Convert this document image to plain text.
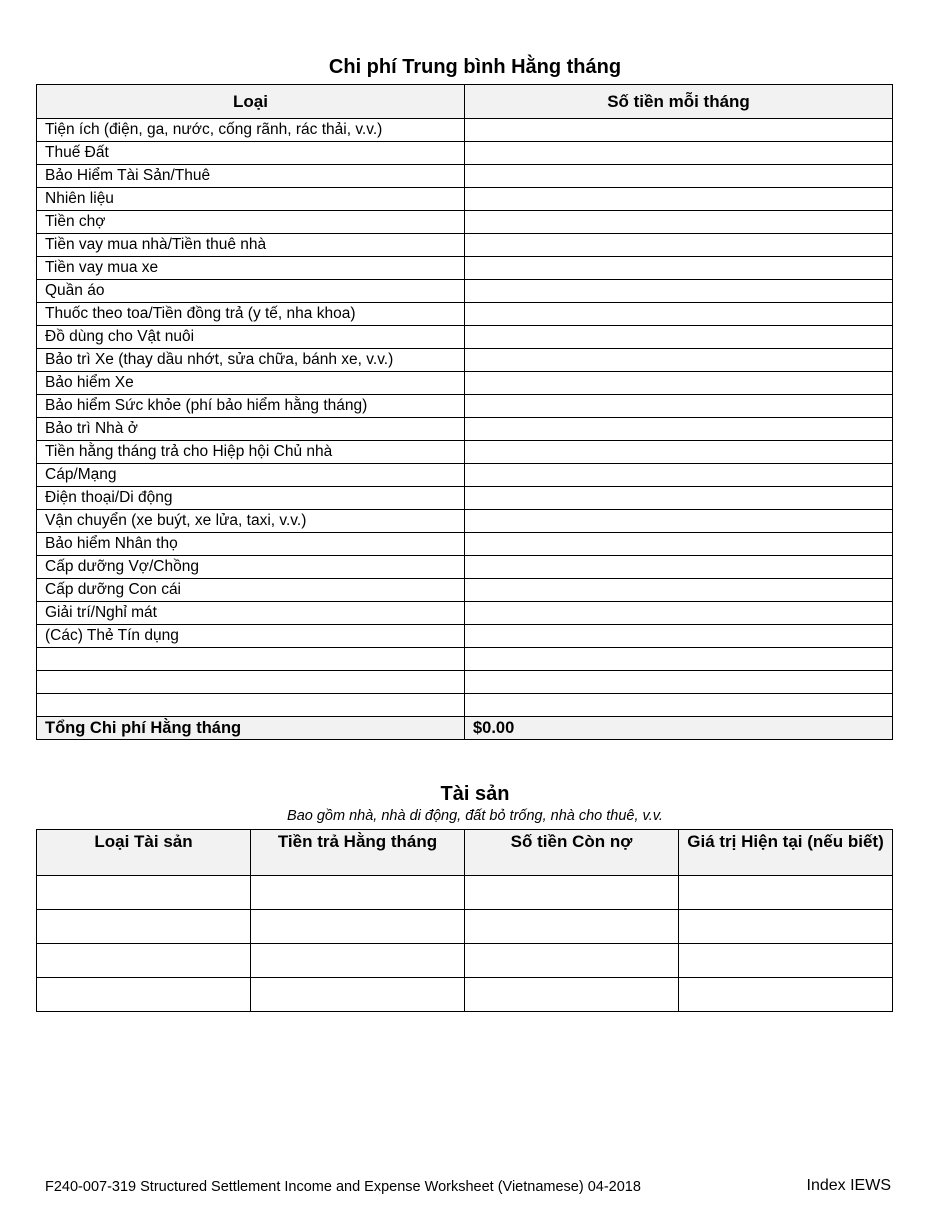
Chi phí Trung bình Hằng tháng
Loại	Số tiền mỗi tháng
Tiện ích (điện, ga, nước, cống rãnh, rác thải, v.v.)	
Thuế Đất	
Bảo Hiểm Tài Sản/Thuê	
Nhiên liệu	
Tiền chợ	
Tiền vay mua nhà/Tiền thuê nhà	
Tiền vay mua xe	
Quần áo	
Thuốc theo toa/Tiền đồng trả (y tế, nha khoa)	
Đồ dùng cho Vật nuôi	
Bảo trì Xe (thay dầu nhớt, sửa chữa, bánh xe, v.v.)	
Bảo hiểm Xe	
Bảo hiểm Sức khỏe (phí bảo hiểm hằng tháng)	
Bảo trì Nhà ở	
Tiền hằng tháng trả cho Hiệp hội Chủ nhà	
Cáp/Mạng	
Điện thoại/Di động	
Vận chuyển (xe buýt, xe lửa, taxi, v.v.)	
Bảo hiểm Nhân thọ	
Cấp dưỡng Vợ/Chồng	
Cấp dưỡng Con cái	
Giải trí/Nghỉ mát	
(Các) Thẻ Tín dụng	

Tổng Chi phí Hằng tháng	$0.00
Tài sản
Bao gồm nhà, nhà di động, đất bỏ trống, nhà cho thuê, v.v.
Loại Tài sản	Tiền trả Hằng tháng	Số tiền Còn nợ	Giá trị Hiện tại (nếu biết)

F240-007-319 Structured Settlement Income and Expense Worksheet (Vietnamese) 04-2018	Index IEWS
